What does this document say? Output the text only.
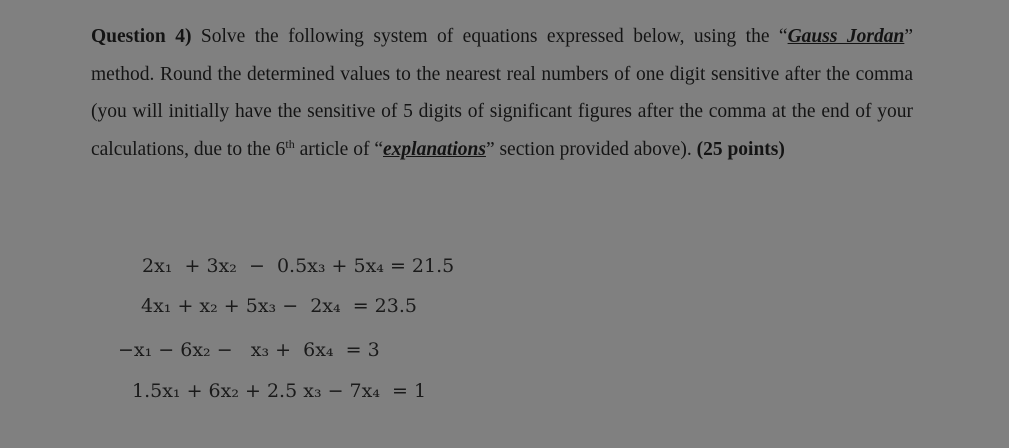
Question 4) Solve the following system of equations expressed below, using the “Gauss Jordan” method. Round the determined values to the nearest real numbers of one digit sensitive after the comma (you will initially have the sensitive of 5 digits of significant figures after the comma at the end of your calculations, due to the 6th article of “explanations” section provided above). (25 points)
2x₁  + 3x₂  −  0.5x₃ + 5x₄ = 21.5
4x₁ + x₂ + 5x₃ −  2x₄  = 23.5
−x₁ − 6x₂ −   x₃ +  6x₄  = 3
1.5x₁ + 6x₂ + 2.5 x₃ − 7x₄  = 1
